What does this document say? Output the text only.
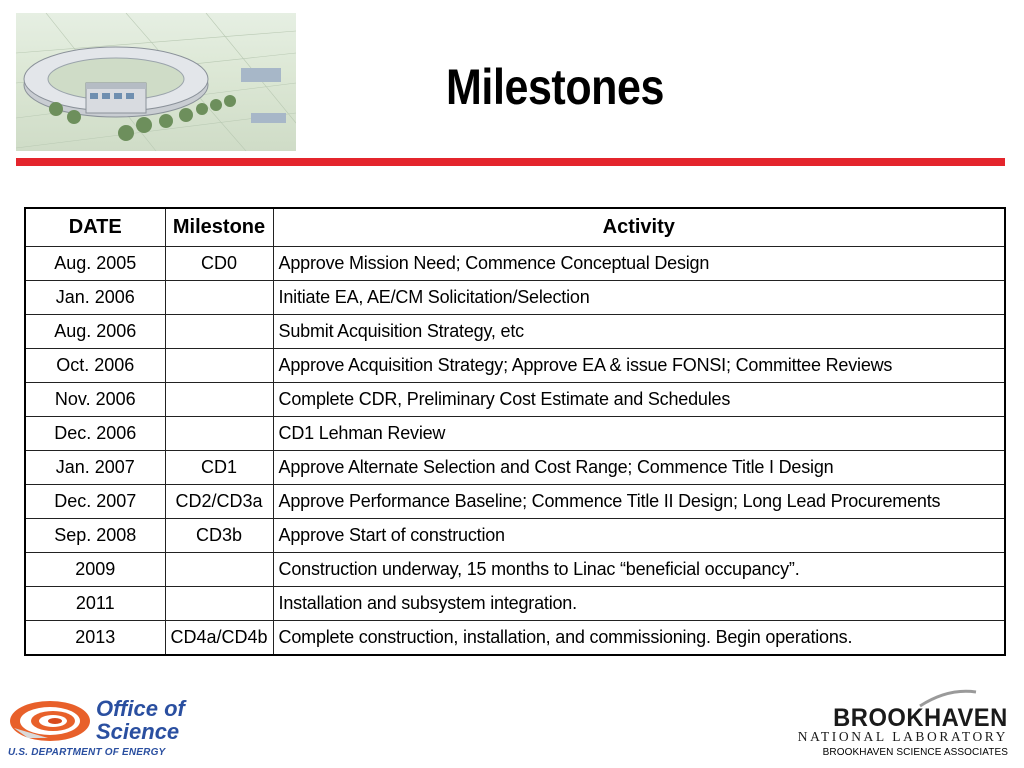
Milestones
DATE	Milestone	Activity
Aug. 2005	CD0	Approve Mission Need; Commence Conceptual Design
Jan. 2006		Initiate EA, AE/CM Solicitation/Selection
Aug. 2006		Submit Acquisition Strategy, etc
Oct. 2006		Approve Acquisition Strategy; Approve EA & issue FONSI; Committee Reviews
Nov. 2006		Complete CDR, Preliminary Cost Estimate and Schedules
Dec. 2006		CD1 Lehman Review
Jan. 2007	CD1	Approve Alternate Selection and Cost Range; Commence Title I Design
Dec. 2007	CD2/CD3a	Approve Performance Baseline; Commence Title II Design; Long Lead Procurements
Sep. 2008	CD3b	Approve Start of construction
2009		Construction underway, 15 months to Linac “beneficial occupancy”.
2011		Installation and subsystem integration.
2013	CD4a/CD4b	Complete construction, installation, and commissioning. Begin operations.
Office of
Science
U.S. DEPARTMENT OF ENERGY
BROOKHAVEN
NATIONAL LABORATORY
BROOKHAVEN SCIENCE ASSOCIATES
